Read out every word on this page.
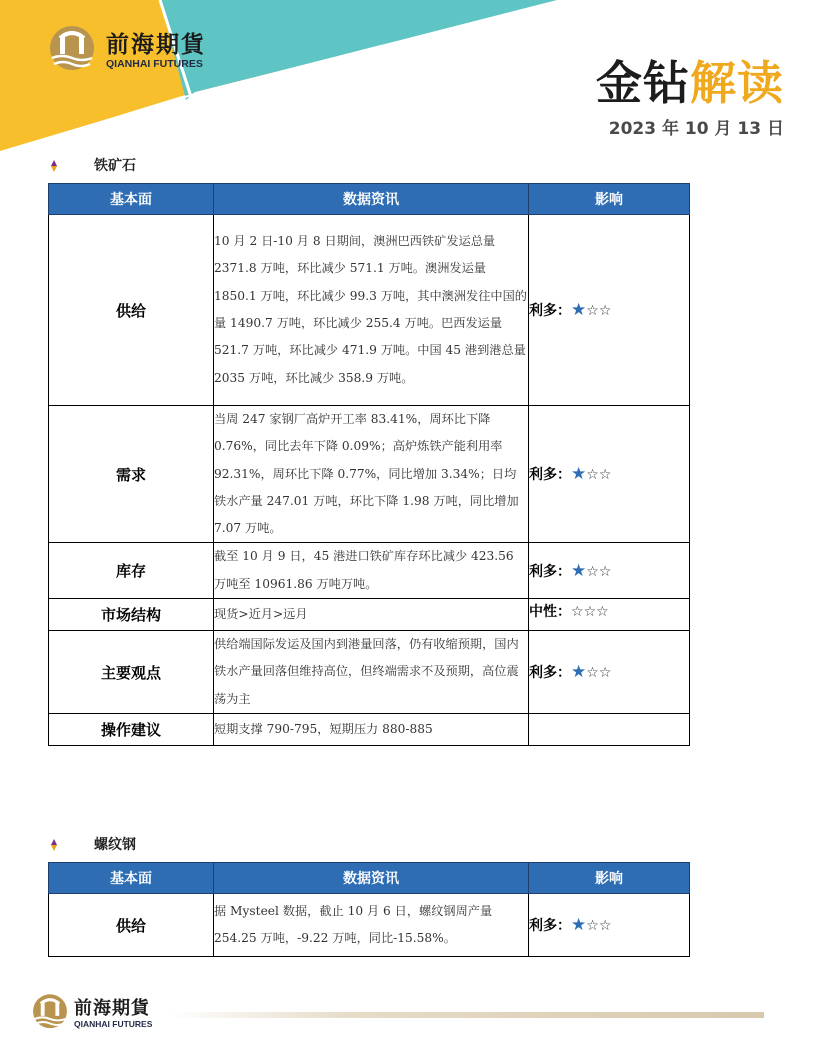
前海期貨
QIANHAI FUTURES	金钻解读
2023 年 10 月 13 日
铁矿石
基本面	数据资讯	影响
供给	10 月 2 日-10 月 8 日期间，澳洲巴西铁矿发运总量 2371.8 万吨，环比减少 571.1 万吨。澳洲发运量 1850.1 万吨，环比减少 99.3 万吨，其中澳洲发往中国的量 1490.7 万吨，环比减少 255.4 万吨。巴西发运量 521.7 万吨，环比减少 471.9 万吨。中国 45 港到港总量 2035 万吨，环比减少 358.9 万吨。	利多：★☆☆
需求	当周 247 家钢厂高炉开工率 83.41%，周环比下降 0.76%，同比去年下降 0.09%；高炉炼铁产能利用率 92.31%，周环比下降 0.77%，同比增加 3.34%；日均铁水产量 247.01 万吨，环比下降 1.98 万吨，同比增加 7.07 万吨。	利多：★☆☆
库存	截至 10 月 9 日，45 港进口铁矿库存环比减少 423.56 万吨至 10961.86 万吨万吨。	利多：★☆☆
市场结构	现货>近月>远月	中性：☆☆☆
主要观点	供给端国际发运及国内到港量回落，仍有收缩预期，国内铁水产量回落但维持高位，但终端需求不及预期，高位震荡为主	利多：★☆☆
操作建议	短期支撑 790-795，短期压力 880-885	
螺纹钢
基本面	数据资讯	影响
供给	据 Mysteel 数据，截止 10 月 6 日，螺纹钢周产量 254.25 万吨，-9.22 万吨，同比-15.58%。	利多：★☆☆
前海期貨
QIANHAI FUTURES
